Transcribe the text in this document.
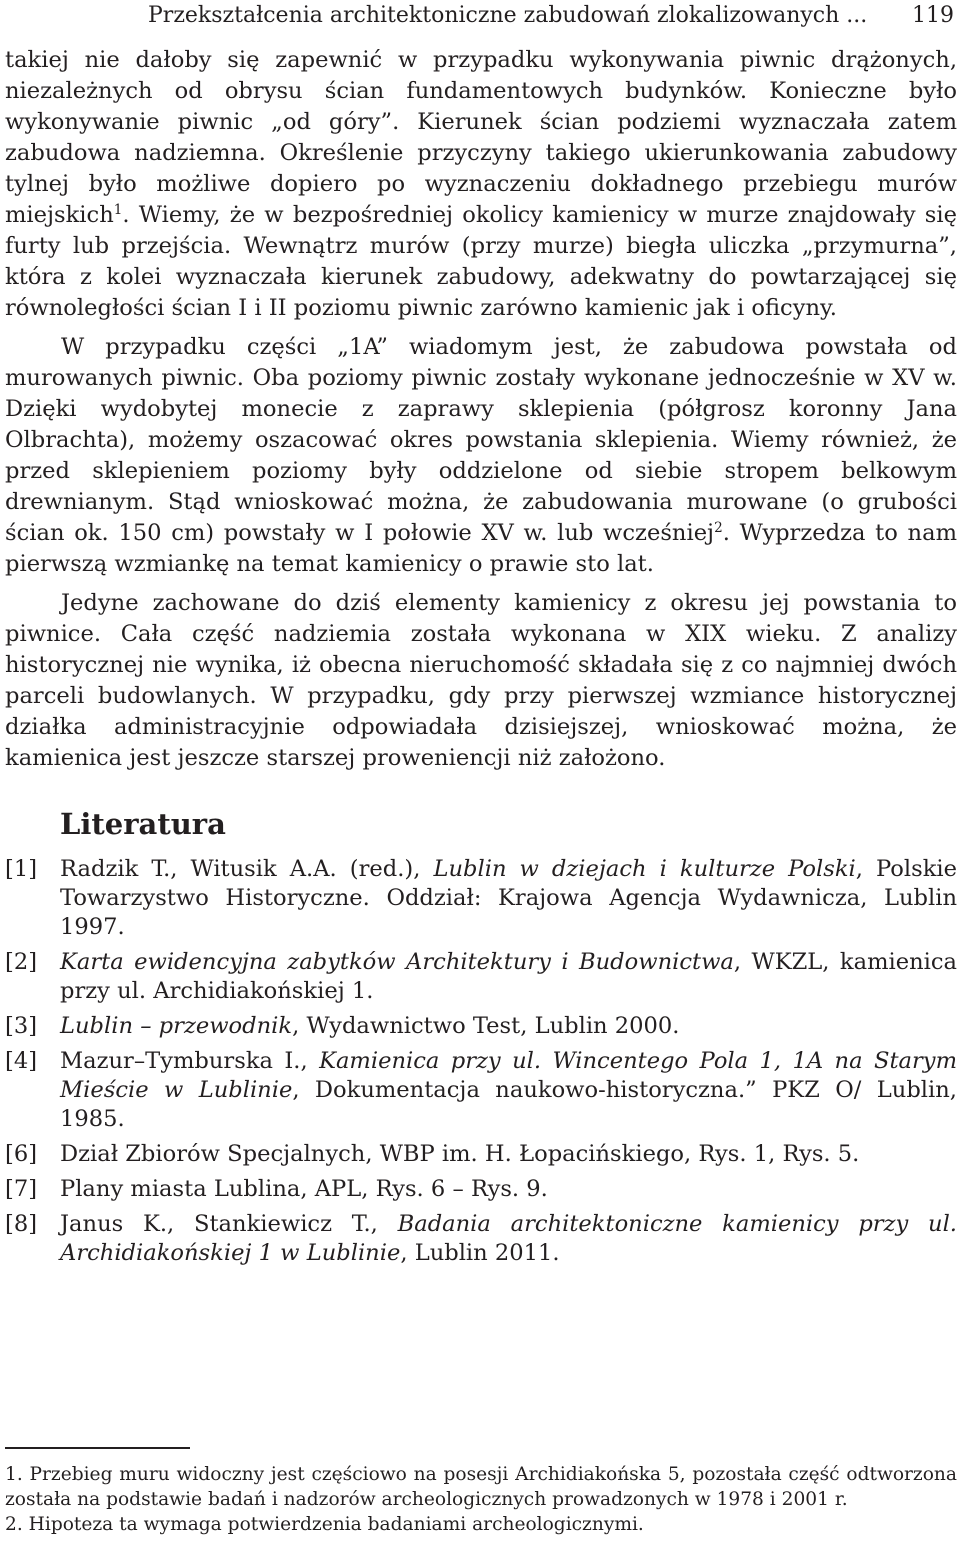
Przekształcenia architektoniczne zabudowań zlokalizowanych ... 119

takiej nie dałoby się zapewnić w przypadku wykonywania piwnic drążonych, niezależnych od obrysu ścian fundamentowych budynków. Konieczne było wykonywanie piwnic „od góry”. Kierunek ścian podziemi wyznaczała zatem zabudowa nadziemna. Określenie przyczyny takiego ukierunkowania zabudowy tylnej było możliwe dopiero po wyznaczeniu dokładnego przebiegu murów miejskich$^1$. Wiemy, że w bezpośredniej okolicy kamienicy w murze znajdowały się furty lub przejścia. Wewnątrz murów (przy murze) biegła uliczka „przymurna”, która z kolei wyznaczała kierunek zabudowy, adekwatny do powtarzającej się równoległości ścian I i II poziomu piwnic zarówno kamienic jak i oficyny.

W przypadku części „1A” wiadomym jest, że zabudowa powstała od murowanych piwnic. Oba poziomy piwnic zostały wykonane jednocześnie w XV w. Dzięki wydobytej monecie z zaprawy sklepienia (półgrosz koronny Jana Olbrachta), możemy oszacować okres powstania sklepienia. Wiemy również, że przed sklepieniem poziomy były oddzielone od siebie stropem belkowym drewnianym. Stąd wnioskować można, że zabudowania murowane (o grubości ścian ok. 150 cm) powstały w I połowie XV w. lub wcześniej$^2$. Wyprzedza to nam pierwszą wzmiankę na temat kamienicy o prawie sto lat.

Jedyne zachowane do dziś elementy kamienicy z okresu jej powstania to piwnice. Cała część nadziemia została wykonana w XIX wieku. Z analizy historycznej nie wynika, iż obecna nieruchomość składała się z co najmniej dwóch parceli budowlanych. W przypadku, gdy przy pierwszej wzmiance historycznej działka administracyjnie odpowiadała dzisiejszej, wnioskować można, że kamienica jest jeszcze starszej proweniencji niż założono.

Literatura
[1] Radzik T., Witusik A.A. (red.), Lublin w dziejach i kulturze Polski, Polskie Towarzystwo Historyczne. Oddział: Krajowa Agencja Wydawnicza, Lublin 1997.
[2] Karta ewidencyjna zabytków Architektury i Budownictwa, WKZL, kamienica przy ul. Archidiakońskiej 1.
[3] Lublin – przewodnik, Wydawnictwo Test, Lublin 2000.
[4] Mazur–Tymburska I., Kamienica przy ul. Wincentego Pola 1, 1A na Starym Mieście w Lublinie, Dokumentacja naukowo-historyczna.” PKZ O/ Lublin, 1985.
[6] Dział Zbiorów Specjalnych, WBP im. H. Łopacińskiego, Rys. 1, Rys. 5.
[7] Plany miasta Lublina, APL, Rys. 6 – Rys. 9.
[8] Janus K., Stankiewicz T., Badania architektoniczne kamienicy przy ul. Archidiakońskiej 1 w Lublinie, Lublin 2011.

1. Przebieg muru widoczny jest częściowo na posesji Archidiakońska 5, pozostała część odtworzona została na podstawie badań i nadzorów archeologicznych prowadzonych w 1978 i 2001 r.

2. Hipoteza ta wymaga potwierdzenia badaniami archeologicznymi.
